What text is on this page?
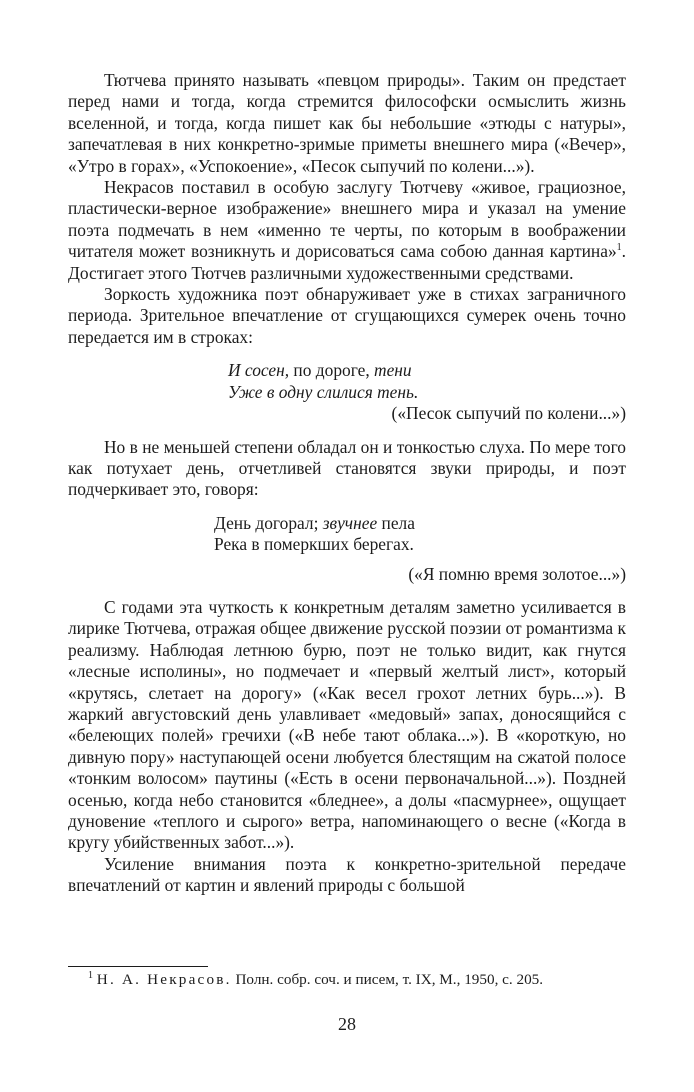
Тютчева принято называть «певцом природы». Таким он предстает перед нами и тогда, когда стремится философски осмыслить жизнь вселенной, и тогда, когда пишет как бы небольшие «этюды с натуры», запечатлевая в них конкретно-зримые приметы внешнего мира («Вечер», «Утро в горах», «Успокоение», «Песок сыпучий по колени...»).

Некрасов поставил в особую заслугу Тютчеву «живое, грациозное, пластически-верное изображение» внешнего мира и указал на умение поэта подмечать в нем «именно те черты, по которым в воображении читателя может возникнуть и дорисоваться сама собою данная картина»$^1$. Достигает этого Тютчев различными художественными средствами.

Зоркость художника поэт обнаруживает уже в стихах заграничного периода. Зрительное впечатление от сгущающихся сумерек очень точно передается им в строках:

И сосен, по дороге, тени
Уже в одну слилися тень.

(«Песок сыпучий по колени...»)

Но в не меньшей степени обладал он и тонкостью слуха. По мере того как потухает день, отчетливей становятся звуки природы, и поэт подчеркивает это, говоря:

День догорал; звучнее пела
Река в померкших берегах.

(«Я помню время золотое...»)

С годами эта чуткость к конкретным деталям заметно усиливается в лирике Тютчева, отражая общее движение русской поэзии от романтизма к реализму. Наблюдая летнюю бурю, поэт не только видит, как гнутся «лесные исполины», но подмечает и «первый желтый лист», который «крутясь, слетает на дорогу» («Как весел грохот летних бурь...»). В жаркий августовский день улавливает «медовый» запах, доносящийся с «белеющих полей» гречихи («В небе тают облака...»). В «короткую, но дивную пору» наступающей осени любуется блестящим на сжатой полосе «тонким волосом» паутины («Есть в осени первоначальной...»). Поздней осенью, когда небо становится «бледнее», а долы «пасмурнее», ощущает дуновение «теплого и сырого» ветра, напоминающего о весне («Когда в кругу убийственных забот...»).

Усиление внимания поэта к конкретно-зрительной передаче впечатлений от картин и явлений природы с большой

$^1$ Н. А. Некрасов. Полн. собр. соч. и писем, т. IX, М., 1950, с. 205.
28
